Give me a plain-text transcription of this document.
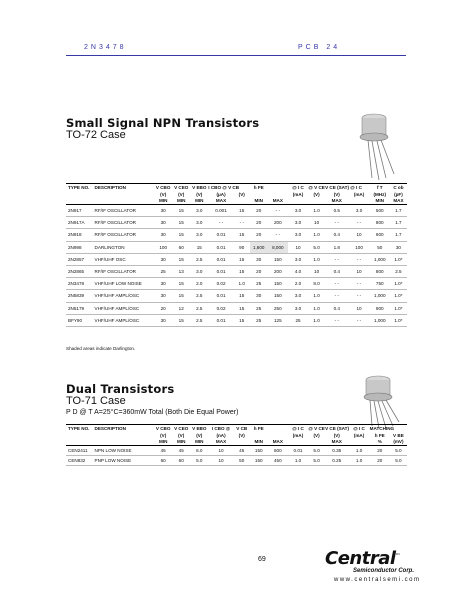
2N3478	PCB 24
Small Signal NPN Transistors
TO-72 Case
TYPE NO.	DESCRIPTION	V CBO	V CEO	V EBO	I CBO @ V CB		h FE		@ I C	@ V CE	V CE (SAT) @ I C		f T	C ob
		(V)	(V)	(V)	(μA)	(V)			(mA)	(V)	(V)	(mA)	(MHz)	(pF)
		MIN	MIN	MIN	MAX		MIN	MAX			MAX		MIN	MAX
2N917	RF/IF OSCILLATOR	30	15	3.0	0.001	15	20	- -	3.0	1.0	0.5	3.0	500	1.7
2N917A	RF/IF OSCILLATOR	30	15	3.0	- -	- -	20	200	3.0	10	- -	- -	800	1.7
2N918	RF/IF OSCILLATOR	30	15	3.0	0.01	15	20	- -	3.0	1.0	0.4	10	600	1.7
2N998	DARLINGTON	100	60	15	0.01	90	1,600	8,000	10	5.0	1.8	100	50	30
2N2857	VHF/UHF OSC	30	15	2.5	0.01	15	30	150	3.0	1.0	- -	- -	1,000	1.0*
2N2865	RF/IF OSCILLATOR	25	13	3.0	0.01	15	20	200	4.0	10	0.4	10	800	2.5
2N3478	VHF/UHF LOW NOISE	30	15	2.0	0.02	1.0	25	150	2.0	8.0	- -	- -	750	1.0*
2N5839	VHF/UHF AMPL/OSC	30	15	2.5	0.01	15	30	150	3.0	1.0	- -	- -	1,000	1.0*
2N5179	VHF/UHF AMPL/OSC	20	12	2.5	0.02	15	25	250	3.0	1.0	0.4	10	900	1.0*
BFY90	VHF/UHF AMPL/OSC	30	15	2.5	0.01	15	25	125	25	1.0	- -	- -	1,000	1.0*
Shaded areas indicate Darlington.
Dual Transistors
TO-71 Case
P D @ T A=25°C=360mW Total (Both Die Equal Power)
TYPE NO.	DESCRIPTION	V CBO	V CEO	V EBO	I CBO @	V CB	h FE		@ I C	@ V CE	V CE (SAT)	@ I C	MATCHING	
		(V)	(V)	(V)	(nA)	(V)			(mA)	(V)	(V)	(mA)	h FE	V BE
		MIN	MIN	MIN	MAX		MIN	MAX			MAX		%	(mV)
CEN2411	NPN LOW NOISE	45	45	6.0	10	45	150	600	0.01	5.0	0.35	1.0	20	5.0
CEN832	PNP LOW NOISE	60	60	5.0	10	50	150	450	1.0	5.0	0.25	1.0	20	5.0
69	Central™
Semiconductor Corp.
www.centralsemi.com
